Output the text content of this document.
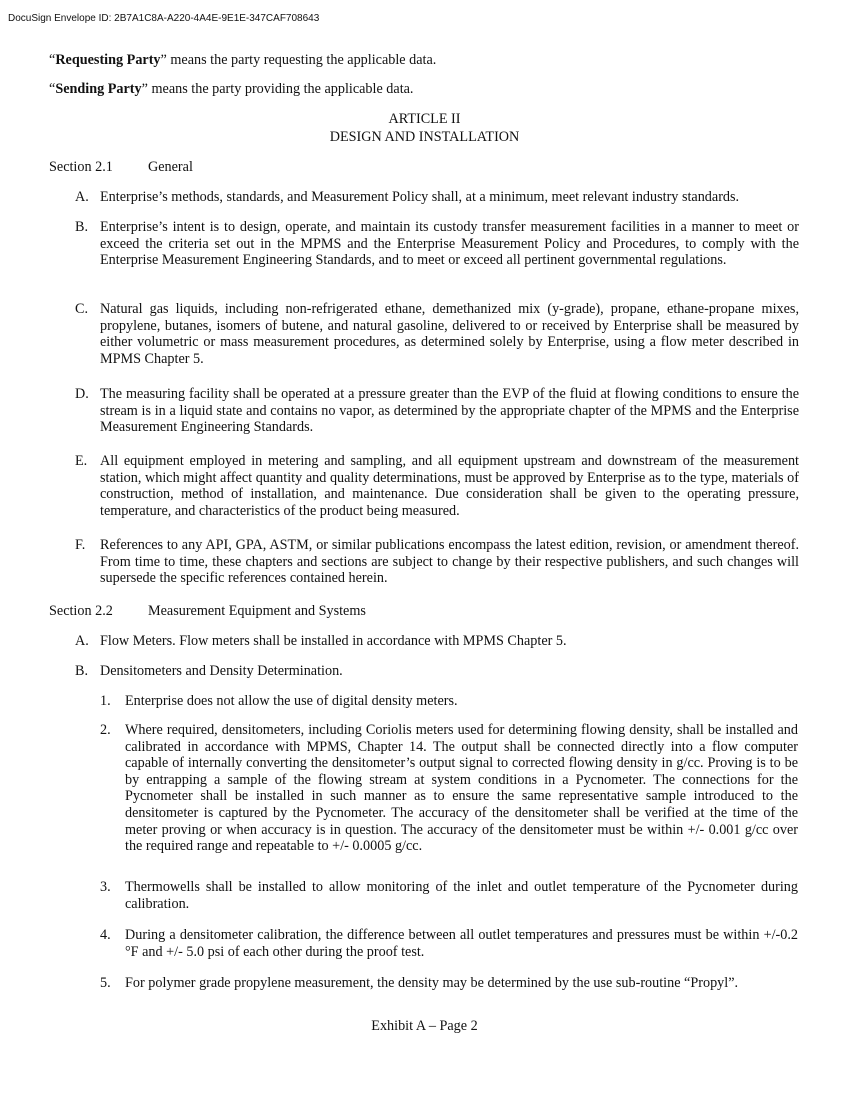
DocuSign Envelope ID: 2B7A1C8A-A220-4A4E-9E1E-347CAF708643

“Requesting Party” means the party requesting the applicable data.

“Sending Party” means the party providing the applicable data.

ARTICLE II

DESIGN AND INSTALLATION

Section 2.1 General

A. Enterprise’s methods, standards, and Measurement Policy shall, at a minimum, meet relevant industry standards.
B. Enterprise’s intent is to design, operate, and maintain its custody transfer measurement facilities in a manner to meet or exceed the criteria set out in the MPMS and the Enterprise Measurement Policy and Procedures, to comply with the Enterprise Measurement Engineering Standards, and to meet or exceed all pertinent governmental regulations.
C. Natural gas liquids, including non-refrigerated ethane, demethanized mix (y-grade), propane, ethane-propane mixes, propylene, butanes, isomers of butene, and natural gasoline, delivered to or received by Enterprise shall be measured by either volumetric or mass measurement procedures, as determined solely by Enterprise, using a flow meter described in MPMS Chapter 5.
D. The measuring facility shall be operated at a pressure greater than the EVP of the fluid at flowing conditions to ensure the stream is in a liquid state and contains no vapor, as determined by the appropriate chapter of the MPMS and the Enterprise Measurement Engineering Standards.
E. All equipment employed in metering and sampling, and all equipment upstream and downstream of the measurement station, which might affect quantity and quality determinations, must be approved by Enterprise as to the type, materials of construction, method of installation, and maintenance. Due consideration shall be given to the operating pressure, temperature, and characteristics of the product being measured.
F. References to any API, GPA, ASTM, or similar publications encompass the latest edition, revision, or amendment thereof. From time to time, these chapters and sections are subject to change by their respective publishers, and such changes will supersede the specific references contained herein.

Section 2.2 Measurement Equipment and Systems

A. Flow Meters. Flow meters shall be installed in accordance with MPMS Chapter 5.
B. Densitometers and Density Determination.
1. Enterprise does not allow the use of digital density meters.
2. Where required, densitometers, including Coriolis meters used for determining flowing density, shall be installed and calibrated in accordance with MPMS, Chapter 14. The output shall be connected directly into a flow computer capable of internally converting the densitometer’s output signal to corrected flowing density in g/cc. Proving is to be by entrapping a sample of the flowing stream at system conditions in a Pycnometer. The connections for the Pycnometer shall be installed in such manner as to ensure the same representative sample introduced to the densitometer is captured by the Pycnometer. The accuracy of the densitometer shall be verified at the time of the meter proving or when accuracy is in question. The accuracy of the densitometer must be within +/- 0.001 g/cc over the required range and repeatable to +/- 0.0005 g/cc.
3. Thermowells shall be installed to allow monitoring of the inlet and outlet temperature of the Pycnometer during calibration.
4. During a densitometer calibration, the difference between all outlet temperatures and pressures must be within +/-0.2 °F and +/- 5.0 psi of each other during the proof test.
5. For polymer grade propylene measurement, the density may be determined by the use sub-routine “Propyl”.

Exhibit A – Page 2
